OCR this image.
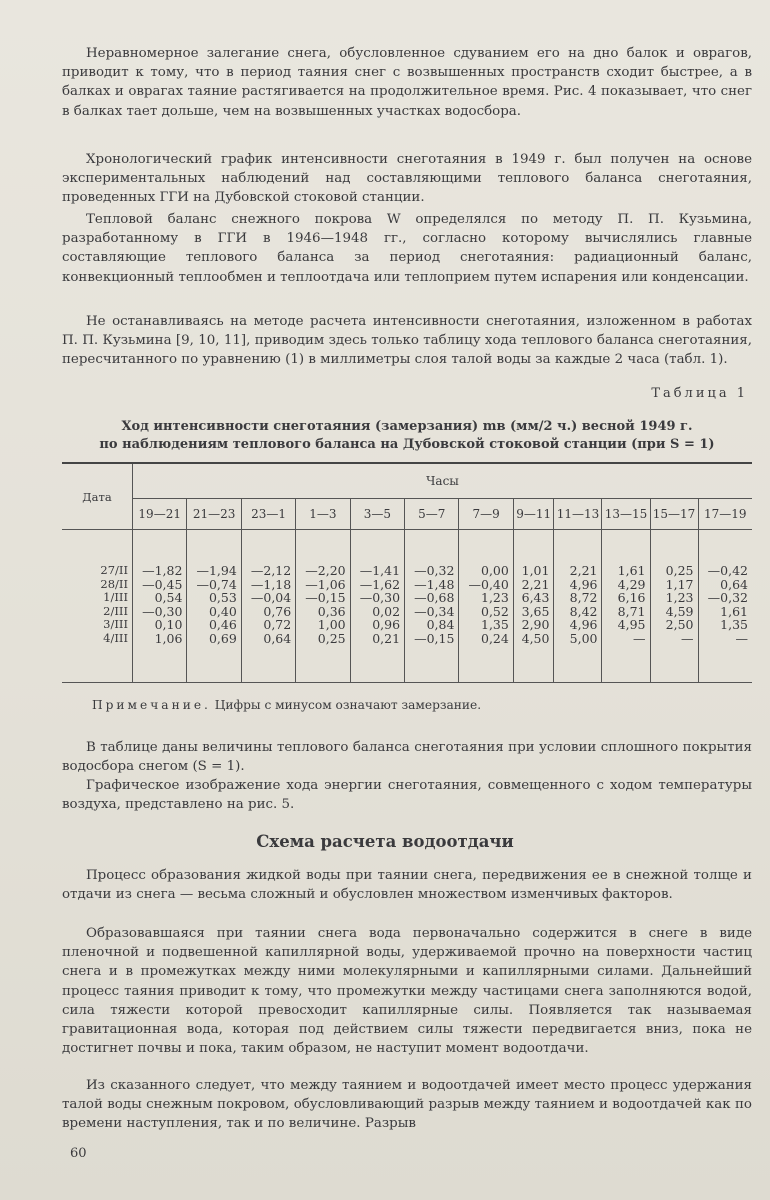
Неравномерное залегание снега, обусловленное сдуванием его на дно балок и оврагов, приводит к тому, что в период таяния снег с возвышенных пространств сходит быстрее, а в балках и оврагах таяние растягивается на продолжительное время. Рис. 4 показывает, что снег в балках тает дольше, чем на возвышенных участках водосбора.

Хронологический график интенсивности снеготаяния в 1949 г. был получен на основе экспериментальных наблюдений над составляющими теплового баланса снеготаяния, проведенных ГГИ на Дубовской стоковой станции.

Тепловой баланс снежного покрова W определялся по методу П. П. Кузьмина, разработанному в ГГИ в 1946—1948 гг., согласно которому вычислялись главные составляющие теплового баланса за период снеготаяния: радиационный баланс, конвекционный теплообмен и теплоотдача или теплоприем путем испарения или конденсации.

Не останавливаясь на методе расчета интенсивности снеготаяния, изложенном в работах П. П. Кузьмина [9, 10, 11], приводим здесь только таблицу хода теплового баланса снеготаяния, пересчитанного по уравнению (1) в миллиметры слоя талой воды за каждые 2 часа (табл. 1).

Таблица 1
Ход интенсивности снеготаяния (замерзания) mв (мм/2 ч.) весной 1949 г.
по наблюдениям теплового баланса на Дубовской стоковой станции (при S = 1)
Дата	Часы											
	19—21	21—23	23—1	1—3	3—5	5—7	7—9	9—11	11—13	13—15	15—17	17—19

27/II	—1,82	—1,94	—2,12	—2,20	—1,41	—0,32	0,00	1,01	2,21	1,61	0,25	—0,42
28/II	—0,45	—0,74	—1,18	—1,06	—1,62	—1,48	—0,40	2,21	4,96	4,29	1,17	0,64
1/III	0,54	0,53	—0,04	—0,15	—0,30	—0,68	1,23	6,43	8,72	6,16	1,23	—0,32
2/III	—0,30	0,40	0,76	0,36	0,02	—0,34	0,52	3,65	8,42	8,71	4,59	1,61
3/III	0,10	0,46	0,72	1,00	0,96	0,84	1,35	2,90	4,96	4,95	2,50	1,35
4/III	1,06	0,69	0,64	0,25	0,21	—0,15	0,24	4,50	5,00	—	—	—
Примечание. Цифры с минусом означают замерзание.

В таблице даны величины теплового баланса снеготаяния при условии сплошного покрытия водосбора снегом (S = 1).

Графическое изображение хода энергии снеготаяния, совмещенного с ходом температуры воздуха, представлено на рис. 5.

Схема расчета водоотдачи

Процесс образования жидкой воды при таянии снега, передвижения ее в снежной толще и отдачи из снега — весьма сложный и обусловлен множеством изменчивых факторов.

Образовавшаяся при таянии снега вода первоначально содержится в снеге в виде пленочной и подвешенной капиллярной воды, удерживаемой прочно на поверхности частиц снега и в промежутках между ними молекулярными и капиллярными силами. Дальнейший процесс таяния приводит к тому, что промежутки между частицами снега заполняются водой, сила тяжести которой превосходит капиллярные силы. Появляется так называемая гравитационная вода, которая под действием силы тяжести передвигается вниз, пока не достигнет почвы и пока, таким образом, не наступит момент водоотдачи.

Из сказанного следует, что между таянием и водоотдачей имеет место процесс удержания талой воды снежным покровом, обусловливающий разрыв между таянием и водоотдачей как по времени наступления, так и по величине. Разрыв

60
